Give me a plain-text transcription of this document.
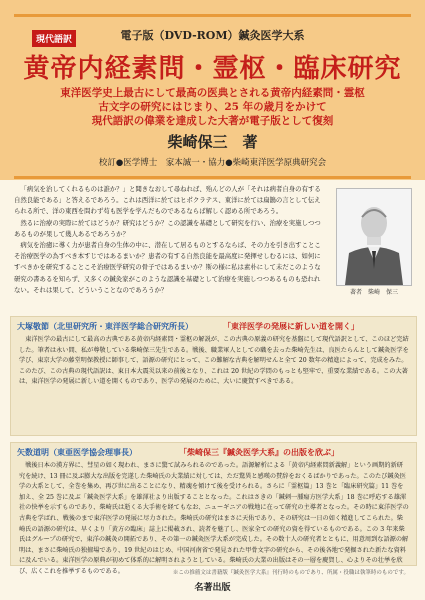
現代語訳	電子版（DVD-ROM）鍼灸医学大系
黄帝内経素問・霊枢・臨床研究
東洋医学史上最古にして最高の医典とされる黄帝内経素問・霊枢
古文字の研究にはじまり、25 年の歳月をかけて
現代語訳の偉業を達成した大著が電子版として復刻
柴崎保三　著
校訂●医学博士　家本誠一・協力●柴崎東洋医学原典研究会

「病気を治してくれるものは誰か？」と聞きなおして尋ねれば、殆んどの人が「それは病者自身の有する自然良能である」と答えるであろう。これは西洋に於てはヒポクラテス、東洋に於ては扁鵲の言として伝えられる所で、洋の東西を問わず苟も医学を学んだものであるならば解しく認める所であろう。

然るに治療の実際に於てはどうか？研究はどうか？この認識を基礎として研究を行い、治療を実施しつつあるものが果して幾人あるであろうか？

病気を治癒に導く力が患者自身の生体の中に、潜在して居るものとするならば、その力を引き出すことこそ治療医学の為すべき本すじではあるまいか？患者の有する自然良能を最高度に発揮せしむるには、如何にすべきかを研究することこそ治療医学研究の骨子ではあるまいか？斯の様に私は素朴にして未だこのような研究の書あるを知らず、又多くの鍼灸家がこのような認識を基礎として治療を実施しつつあるものも恐れれない。それは果して、どういうことなのであろうか？	著者　柴崎　保三
大塚敬節（北里研究所・東洋医学総合研究所長）	「東洋医学の発展に新しい道を開く」
東洋医学の最古にして最高の古典である黄帝内経素問・霊枢の解説が、この古典の原義の研究を基盤にして現代語訳として、このほど完結した。筆者は永い間、私が尊敬している柴崎保三先生である。戦後、職業軍人としての職を去った柴崎先生は、良医たらんとして鍼灸医学を学び、東京大学の藤堂明保教授に師事して、語源の研究にとって、この難解な古典を解明せんと全て 20 数年の精進によって、完成をみた。このたび、この古典の現代語訳は、東日本大震災以来の前後となり、これは 20 世紀の学問のもっとも堅牢で、重要な業績である。この大著は、東洋医学の発展に新しい道を開くものであり、医学の発展のために、大いに慶賀すべきである。
矢数道明（東亜医学協会理事長）	「柴崎保三『鍼灸医学大系』の出版を欣ぶ」
戦後日本の漢方界に、彗星の如く現われ、まさに驚て試みられるのであった。語源解析による「黄帝内経素問新義解」という画期的新研究を続け、13 冊に及ぶ膨大な出版を完遂した柴崎氏の大業績に対しては、ただ驚異と感嘆の賛辞をおくるばかりであった。このたび鍼灸医学の大系として、全巻を集め、再び世に出ることになり、精魂を傾けて後を受けられる。さらに「霊枢篇」13 巻と「臨床研究篇」11 巻を加え、全 25 巻に及ぶ「鍼灸医学大系」を雄渾社より出版することとなった。これはさきの「鍼刺一腫瘍方医学大系」18 巻に呼応する雄渾社の快挙を示すものであり、柴崎氏は逝くる大手術を経てもなお、ニューギニアの戦地に在って研究の主導者となった。その時に東洋医学の古典を学ばれ、戦後のまで東洋医学の発展に尽力された。柴崎氏の研究はまさに天佑であり、その研究は一日の如く精進してこられた。柴崎氏の語源の研究は、早くより「黄方の臨床」誌上に掲載され、読者を魅了し、医家全ての研究の資を得ているものである。この 3 年来柴氏はグループの研究で、東洋の鍼灸の開拓であり、その第一の鍼灸医学大系が完成した。その数十人の研究者とともに、用意周到な語源の解明は、まさに柴崎氏の独擅場であり、19 世紀のはじめ、中国河南省で発見された甲骨文字の研究から、その後各地で発掘された新たな資料に及んでいる。東洋医学の原典が初めて体系的に解明されようとしている。柴崎氏の大業の出版はその一層を慶賀し、心よりその壮挙を欣び、広くこれを推挙するものである。	※この推薦文は書籍版『鍼灸医学大系』刊行時のものであり、所属・役職は執筆時のものです。
名著出版
